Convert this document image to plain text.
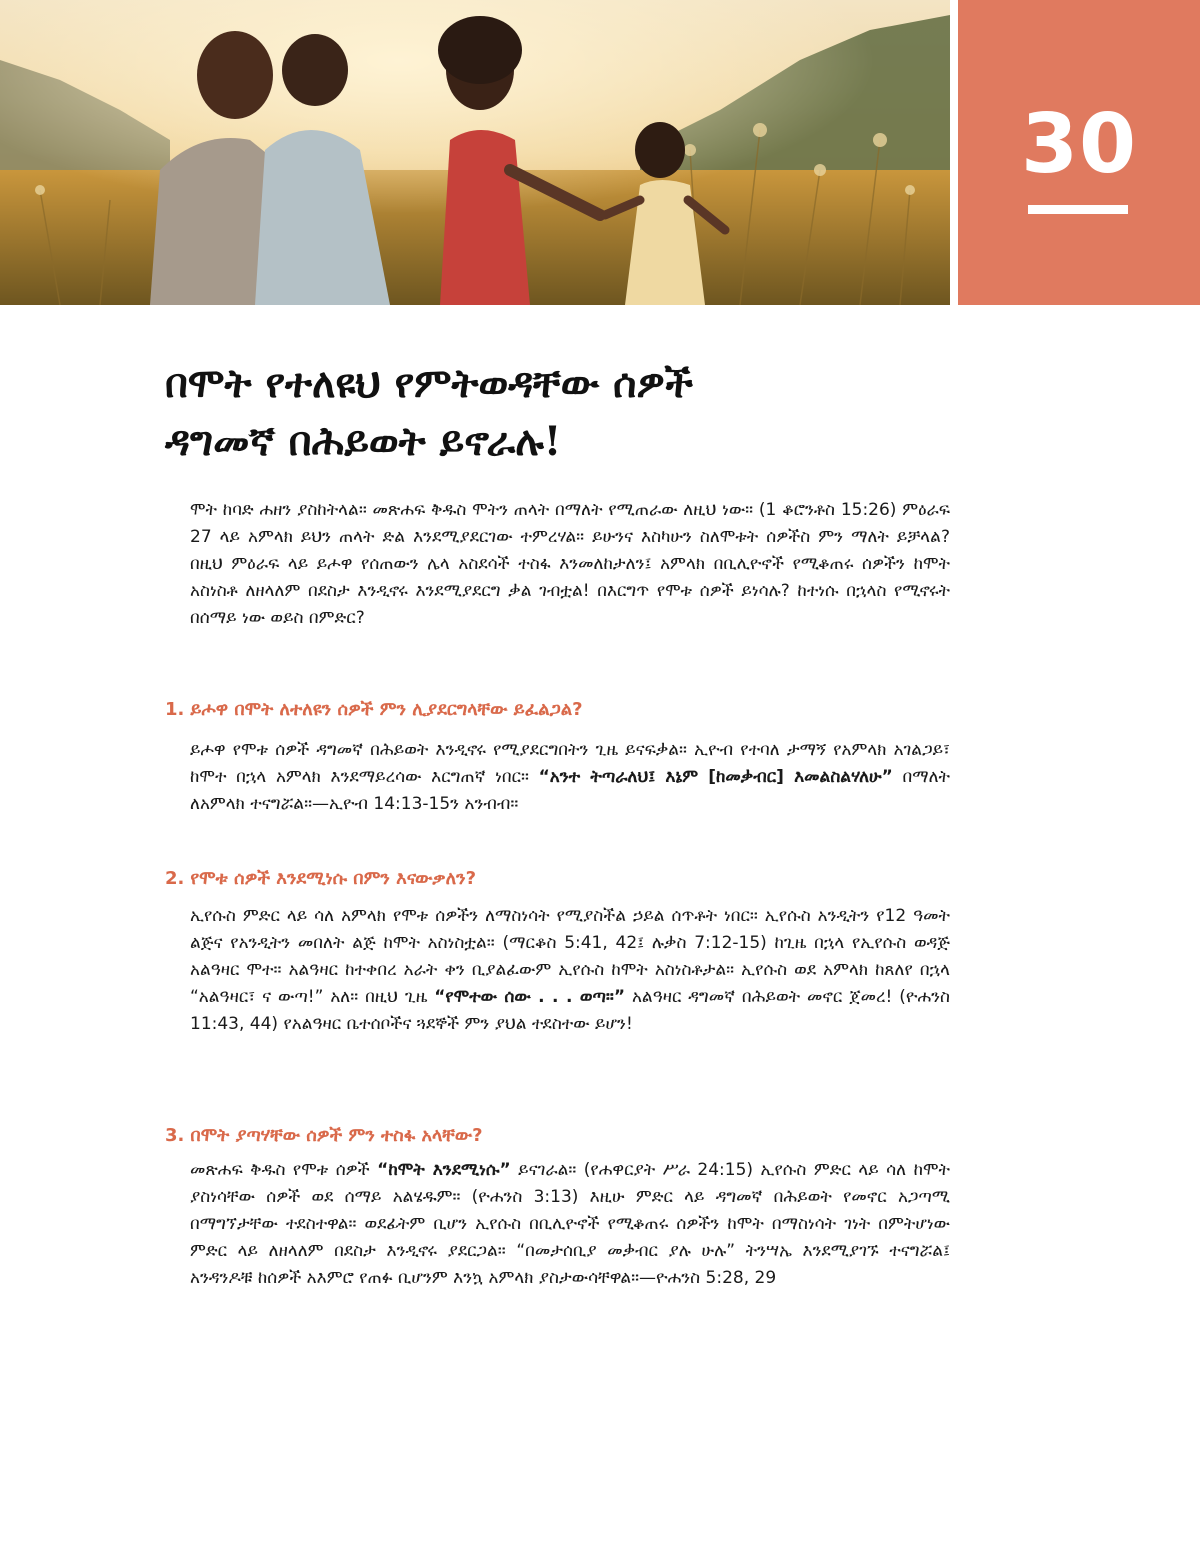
30
በሞት የተለዩህ የምትወዳቸው ሰዎች
ዳግመኛ በሕይወት ይኖራሉ!

ሞት ከባድ ሐዘን ያስከትላል። መጽሐፍ ቅዱስ ሞትን ጠላት በማለት የሚጠራው ለዚህ ነው። (1 ቆሮንቶስ 15:26) ምዕራፍ 27 ላይ አምላክ ይህን ጠላት ድል እንደሚያደርገው ተምረሃል። ይሁንና እስካሁን ስለሞቱት ሰዎችስ ምን ማለት ይቻላል? በዚህ ምዕራፍ ላይ ይሖዋ የሰጠውን ሌላ አስደሳች ተስፋ እንመለከታለን፤ አምላክ በቢሊዮኖች የሚቆጠሩ ሰዎችን ከሞት አስነስቶ ለዘላለም በደስታ እንዲኖሩ እንደሚያደርግ ቃል ገብቷል! በእርግጥ የሞቱ ሰዎች ይነሳሉ? ከተነሱ በኋላስ የሚኖሩት በሰማይ ነው ወይስ በምድር?

1. ይሖዋ በሞት ለተለዩን ሰዎች ምን ሊያደርግላቸው ይፈልጋል?

ይሖዋ የሞቱ ሰዎች ዳግመኛ በሕይወት እንዲኖሩ የሚያደርግበትን ጊዜ ይናፍቃል። ኢዮብ የተባለ ታማኝ የአምላክ አገልጋይ፣ ከሞተ በኋላ አምላክ እንደማይረሳው እርግጠኛ ነበር። “አንተ ትጣራለህ፤ እኔም [ከመቃብር] እመልስልሃለሁ” በማለት ለአምላክ ተናግሯል።—ኢዮብ 14:13-15ን አንብብ።

2. የሞቱ ሰዎች እንደሚነሱ በምን እናውቃለን?

ኢየሱስ ምድር ላይ ሳለ አምላክ የሞቱ ሰዎችን ለማስነሳት የሚያስችል ኃይል ሰጥቶት ነበር። ኢየሱስ አንዲትን የ12 ዓመት ልጅና የአንዲትን መበለት ልጅ ከሞት አስነስቷል። (ማርቆስ 5:41, 42፤ ሉቃስ 7:12-15) ከጊዜ በኋላ የኢየሱስ ወዳጅ አልዓዛር ሞተ። አልዓዛር ከተቀበረ አራት ቀን ቢያልፈውም ኢየሱስ ከሞት አስነስቶታል። ኢየሱስ ወደ አምላክ ከጸለየ በኋላ “አልዓዛር፣ ና ውጣ!” አለ። በዚህ ጊዜ “የሞተው ሰው . . . ወጣ።” አልዓዛር ዳግመኛ በሕይወት መኖር ጀመረ! (ዮሐንስ 11:43, 44) የአልዓዛር ቤተሰቦችና ጓደኞች ምን ያህል ተደስተው ይሆን!

3. በሞት ያጣሃቸው ሰዎች ምን ተስፋ አላቸው?

መጽሐፍ ቅዱስ የሞቱ ሰዎች “ከሞት እንደሚነሱ” ይናገራል። (የሐዋርያት ሥራ 24:15) ኢየሱስ ምድር ላይ ሳለ ከሞት ያስነሳቸው ሰዎች ወደ ሰማይ አልሄዱም። (ዮሐንስ 3:13) እዚሁ ምድር ላይ ዳግመኛ በሕይወት የመኖር አጋጣሚ በማግኘታቸው ተደስተዋል። ወደፊትም ቢሆን ኢየሱስ በቢሊዮኖች የሚቆጠሩ ሰዎችን ከሞት በማስነሳት ገነት በምትሆነው ምድር ላይ ለዘላለም በደስታ እንዲኖሩ ያደርጋል። “በመታሰቢያ መቃብር ያሉ ሁሉ” ትንሣኤ እንደሚያገኙ ተናግሯል፤ አንዳንዶቹ ከሰዎች አእምሮ የጠፉ ቢሆንም እንኳ አምላክ ያስታውሳቸዋል።—ዮሐንስ 5:28, 29
